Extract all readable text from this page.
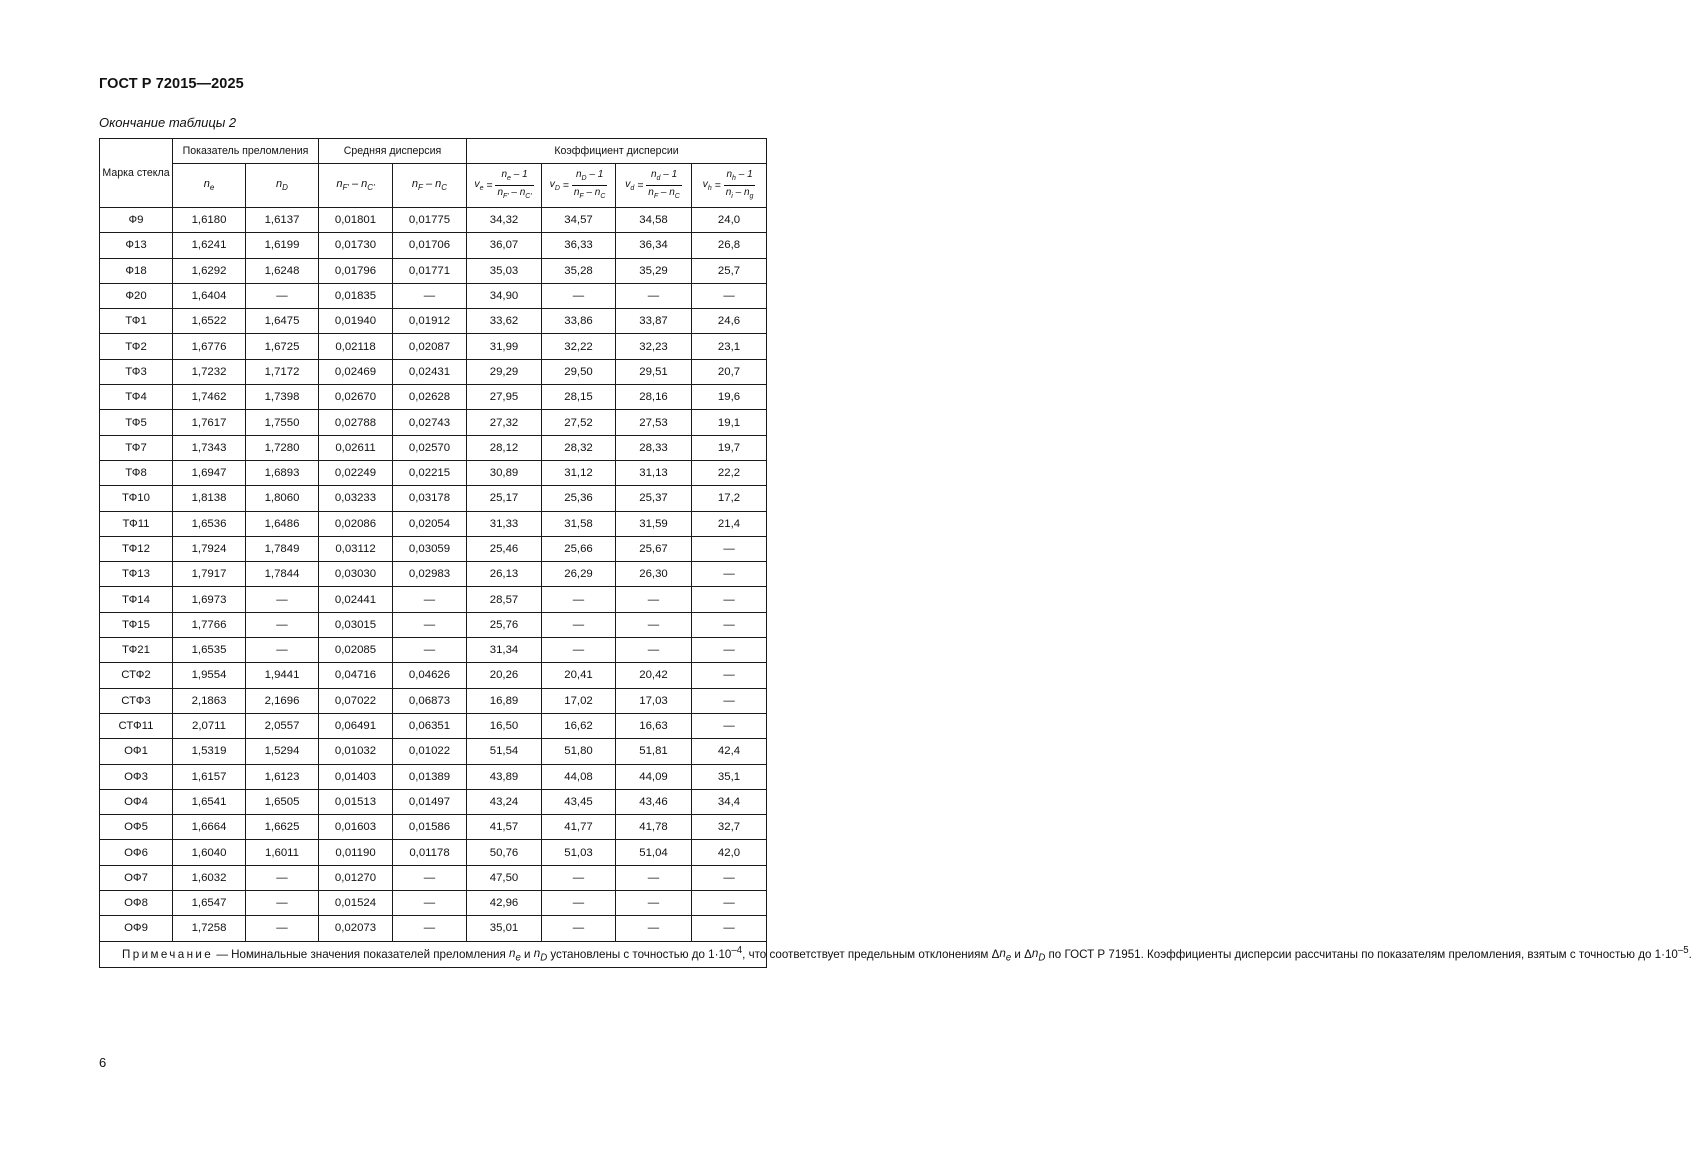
ГОСТ Р 72015—2025
Окончание таблицы 2
Марка стекла	Показатель преломления		Средняя дисперсия		Коэффициент дисперсии			
	$n_e$	$n_D$	$n_{F'} - n_{C'}$	$n_F - n_C$	$v_e = \frac{n_e - 1}{n_{F'} - n_{C'}}$	$v_D = \frac{n_D - 1}{n_F - n_C}$	$v_d = \frac{n_d - 1}{n_F - n_C}$	$v_h = \frac{n_h - 1}{n_i - n_g}$

Ф9	1,6180	1,6137	0,01801	0,01775	34,32	34,57	34,58	24,0
Ф13	1,6241	1,6199	0,01730	0,01706	36,07	36,33	36,34	26,8
Ф18	1,6292	1,6248	0,01796	0,01771	35,03	35,28	35,29	25,7
Ф20	1,6404	—	0,01835	—	34,90	—	—	—
ТФ1	1,6522	1,6475	0,01940	0,01912	33,62	33,86	33,87	24,6
ТФ2	1,6776	1,6725	0,02118	0,02087	31,99	32,22	32,23	23,1
ТФ3	1,7232	1,7172	0,02469	0,02431	29,29	29,50	29,51	20,7
ТФ4	1,7462	1,7398	0,02670	0,02628	27,95	28,15	28,16	19,6
ТФ5	1,7617	1,7550	0,02788	0,02743	27,32	27,52	27,53	19,1
ТФ7	1,7343	1,7280	0,02611	0,02570	28,12	28,32	28,33	19,7
ТФ8	1,6947	1,6893	0,02249	0,02215	30,89	31,12	31,13	22,2
ТФ10	1,8138	1,8060	0,03233	0,03178	25,17	25,36	25,37	17,2
ТФ11	1,6536	1,6486	0,02086	0,02054	31,33	31,58	31,59	21,4
ТФ12	1,7924	1,7849	0,03112	0,03059	25,46	25,66	25,67	—
ТФ13	1,7917	1,7844	0,03030	0,02983	26,13	26,29	26,30	—
ТФ14	1,6973	—	0,02441	—	28,57	—	—	—
ТФ15	1,7766	—	0,03015	—	25,76	—	—	—
ТФ21	1,6535	—	0,02085	—	31,34	—	—	—
СТФ2	1,9554	1,9441	0,04716	0,04626	20,26	20,41	20,42	—
СТФ3	2,1863	2,1696	0,07022	0,06873	16,89	17,02	17,03	—
СТФ11	2,0711	2,0557	0,06491	0,06351	16,50	16,62	16,63	—
ОФ1	1,5319	1,5294	0,01032	0,01022	51,54	51,80	51,81	42,4
ОФ3	1,6157	1,6123	0,01403	0,01389	43,89	44,08	44,09	35,1
ОФ4	1,6541	1,6505	0,01513	0,01497	43,24	43,45	43,46	34,4
ОФ5	1,6664	1,6625	0,01603	0,01586	41,57	41,77	41,78	32,7
ОФ6	1,6040	1,6011	0,01190	0,01178	50,76	51,03	51,04	42,0
ОФ7	1,6032	—	0,01270	—	47,50	—	—	—
ОФ8	1,6547	—	0,01524	—	42,96	—	—	—
ОФ9	1,7258	—	0,02073	—	35,01	—	—	—
Примечание — Номинальные значения показателей преломления $n_e$ и $n_D$ установлены с точностью до $1\cdot 10^{-4}$, что соответствует предельным отклонениям $\Delta n_e$ и $\Delta n_D$ по ГОСТ Р 71951. Коэффициенты дисперсии рассчитаны по показателям преломления, взятым с точностью до $1\cdot 10^{-5}$.								
6
